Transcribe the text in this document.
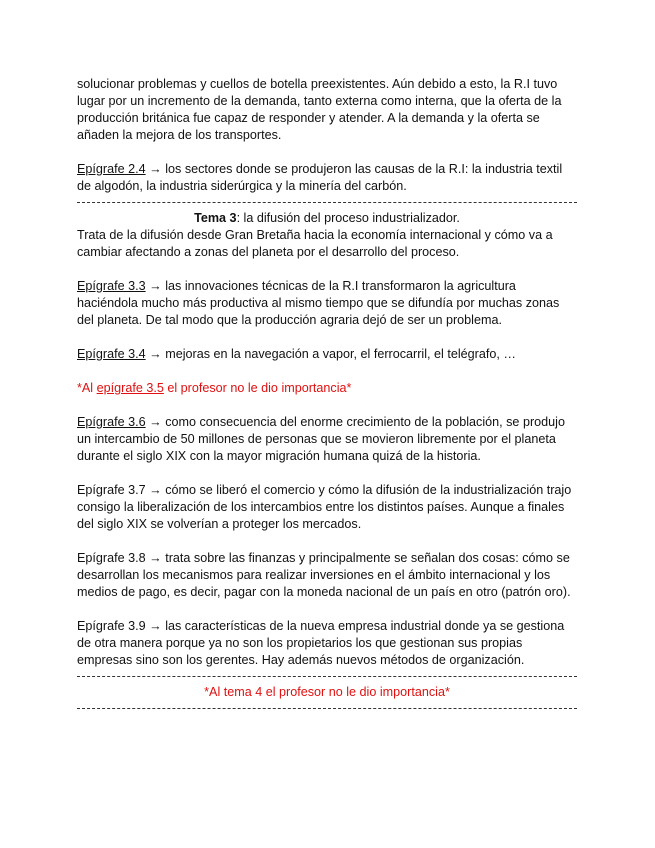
solucionar problemas y cuellos de botella preexistentes. Aún debido a esto, la R.I tuvo lugar por un incremento de la demanda, tanto externa como interna, que la oferta de la producción británica fue capaz de responder y atender. A la demanda y la oferta se añaden la mejora de los transportes.

Epígrafe 2.4 → los sectores donde se produjeron las causas de la R.I: la industria textil de algodón, la industria siderúrgica y la minería del carbón.

Tema 3: la difusión del proceso industrializador.

Trata de la difusión desde Gran Bretaña hacia la economía internacional y cómo va a cambiar afectando a zonas del planeta por el desarrollo del proceso.

Epígrafe 3.3 → las innovaciones técnicas de la R.I transformaron la agricultura haciéndola mucho más productiva al mismo tiempo que se difundía por muchas zonas del planeta. De tal modo que la producción agraria dejó de ser un problema.

Epígrafe 3.4 → mejoras en la navegación a vapor, el ferrocarril, el telégrafo, …

*Al epígrafe 3.5 el profesor no le dio importancia*

Epígrafe 3.6 → como consecuencia del enorme crecimiento de la población, se produjo un intercambio de 50 millones de personas que se movieron libremente por el planeta durante el siglo XIX con la mayor migración humana quizá de la historia.

Epígrafe 3.7 → cómo se liberó el comercio y cómo la difusión de la industrialización trajo consigo la liberalización de los intercambios entre los distintos países. Aunque a finales del siglo XIX se volverían a proteger los mercados.

Epígrafe 3.8 → trata sobre las finanzas y principalmente se señalan dos cosas: cómo se desarrollan los mecanismos para realizar inversiones en el ámbito internacional y los medios de pago, es decir, pagar con la moneda nacional de un país en otro (patrón oro).

Epígrafe 3.9 → las características de la nueva empresa industrial donde ya se gestiona de otra manera porque ya no son los propietarios los que gestionan sus propias empresas sino son los gerentes. Hay además nuevos métodos de organización.

*Al tema 4 el profesor no le dio importancia*
